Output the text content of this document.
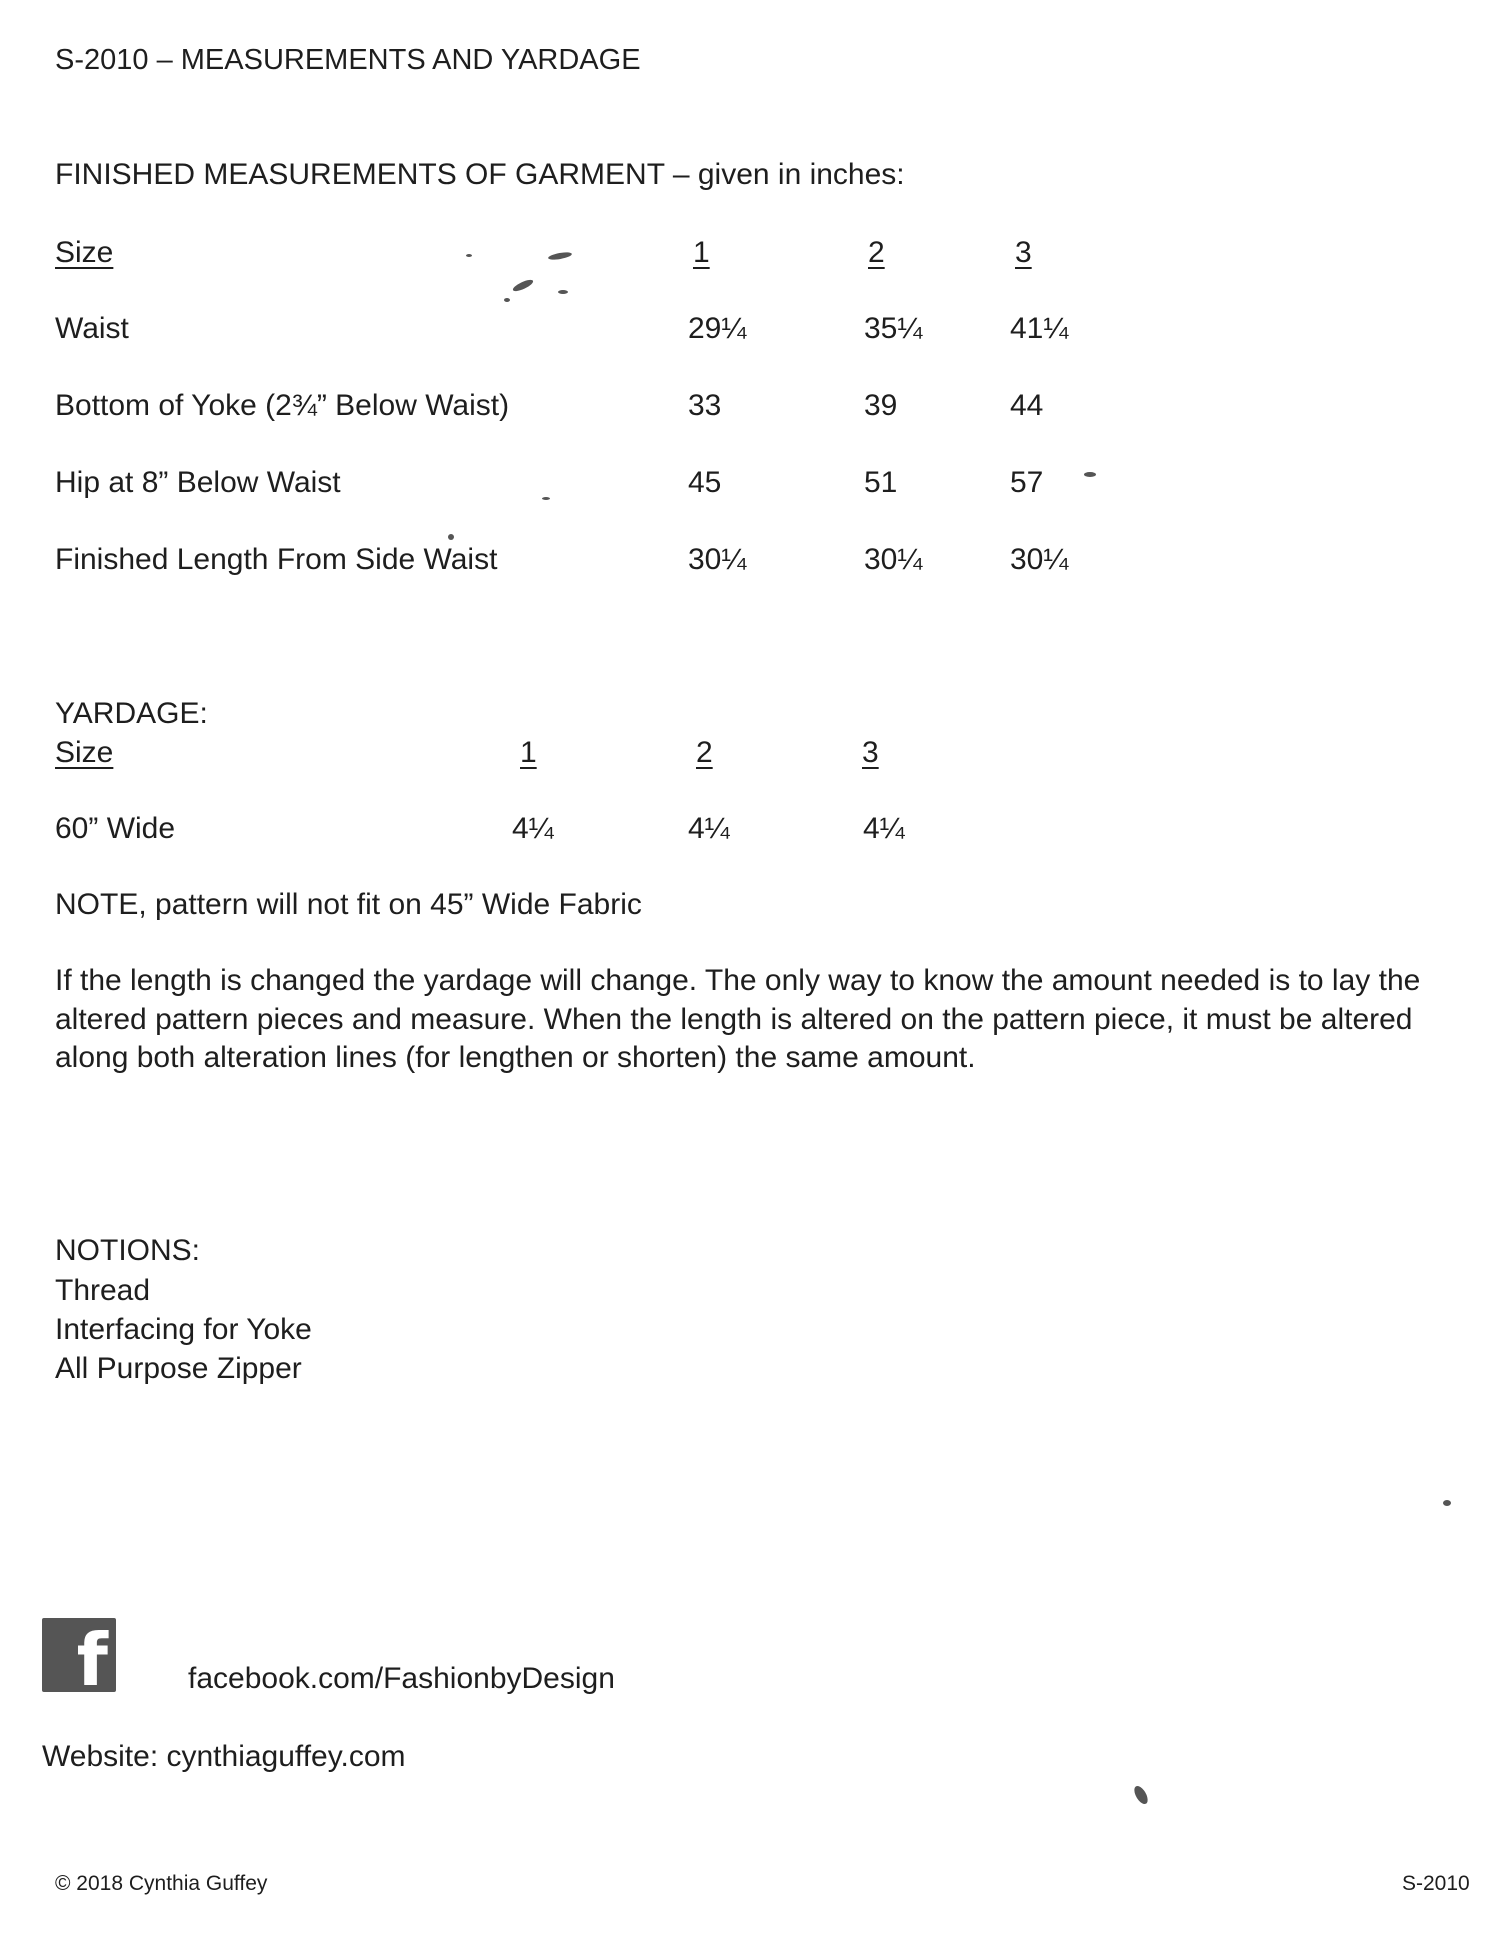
S-2010 – MEASUREMENTS AND YARDAGE
FINISHED MEASUREMENTS OF GARMENT – given in inches:
Size	1	2	3
Waist	29¼	35¼	41¼
Bottom of Yoke (2¾” Below Waist)	33	39	44
Hip at 8” Below Waist	45	51	57
Finished Length From Side Waist	30¼	30¼	30¼
YARDAGE:
Size	1	2	3
60” Wide	4¼	4¼	4¼
NOTE, pattern will not fit on 45” Wide Fabric
If the length is changed the yardage will change. The only way to know the amount needed is to lay the altered pattern pieces and measure. When the length is altered on the pattern piece, it must be altered along both alteration lines (for lengthen or shorten) the same amount.
NOTIONS:
Thread
Interfacing for Yoke
All Purpose Zipper
f	facebook.com/FashionbyDesign
Website: cynthiaguffey.com
© 2018 Cynthia Guffey	S-2010
